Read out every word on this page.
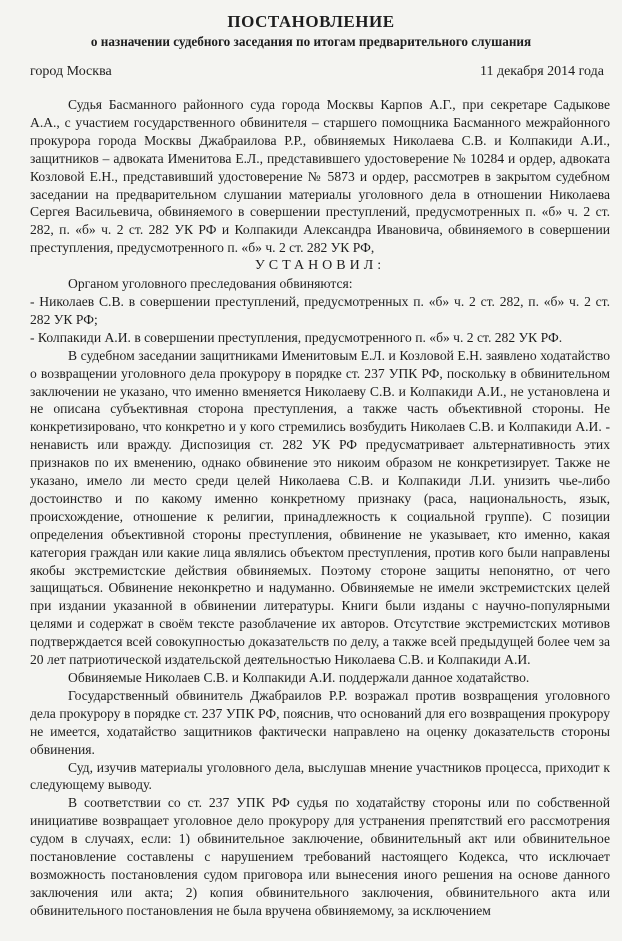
ПОСТАНОВЛЕНИЕ
о назначении судебного заседания по итогам предварительного слушания
город Москва	11 декабря 2014 года

Судья Басманного районного суда города Москвы Карпов А.Г., при секретаре Садыкове А.А., с участием государственного обвинителя – старшего помощника Басманного межрайонного прокурора города Москвы Джабраилова Р.Р., обвиняемых Николаева С.В. и Колпакиди А.И., защитников – адвоката Именитова Е.Л., представившего удостоверение № 10284 и ордер, адвоката Козловой Е.Н., представивший удостоверение № 5873 и ордер, рассмотрев в закрытом судебном заседании на предварительном слушании материалы уголовного дела в отношении Николаева Сергея Васильевича, обвиняемого в совершении преступлений, предусмотренных п. «б» ч. 2 ст. 282, п. «б» ч. 2 ст. 282 УК РФ и Колпакиди Александра Ивановича, обвиняемого в совершении преступления, предусмотренного п. «б» ч. 2 ст. 282 УК РФ,

УСТАНОВИЛ:

Органом уголовного преследования обвиняются:

- Николаев С.В. в совершении преступлений, предусмотренных п. «б» ч. 2 ст. 282, п. «б» ч. 2 ст. 282 УК РФ;

- Колпакиди А.И. в совершении преступления, предусмотренного п. «б» ч. 2 ст. 282 УК РФ.

В судебном заседании защитниками Именитовым Е.Л. и Козловой Е.Н. заявлено ходатайство о возвращении уголовного дела прокурору в порядке ст. 237 УПК РФ, поскольку в обвинительном заключении не указано, что именно вменяется Николаеву С.В. и Колпакиди А.И., не установлена и не описана субъективная сторона преступления, а также часть объективной стороны. Не конкретизировано, что конкретно и у кого стремились возбудить Николаев С.В. и Колпакиди А.И. - ненависть или вражду. Диспозиция ст. 282 УК РФ предусматривает альтернативность этих признаков по их вменению, однако обвинение это никоим образом не конкретизирует. Также не указано, имело ли место среди целей Николаева С.В. и Колпакиди Л.И. унизить чье-либо достоинство и по какому именно конкретному признаку (раса, национальность, язык, происхождение, отношение к религии, принадлежность к социальной группе). С позиции определения объективной стороны преступления, обвинение не указывает, кто именно, какая категория граждан или какие лица являлись объектом преступления, против кого были направлены якобы экстремистские действия обвиняемых. Поэтому стороне защиты непонятно, от чего защищаться. Обвинение неконкретно и надуманно. Обвиняемые не имели экстремистских целей при издании указанной в обвинении литературы. Книги были изданы с научно-популярными целями и содержат в своём тексте разоблачение их авторов. Отсутствие экстремистских мотивов подтверждается всей совокупностью доказательств по делу, а также всей предыдущей более чем за 20 лет патриотической издательской деятельностью Николаева С.В. и Колпакиди А.И.

Обвиняемые Николаев С.В. и Колпакиди А.И. поддержали данное ходатайство.

Государственный обвинитель Джабраилов Р.Р. возражал против возвращения уголовного дела прокурору в порядке ст. 237 УПК РФ, пояснив, что оснований для его возвращения прокурору не имеется, ходатайство защитников фактически направлено на оценку доказательств стороны обвинения.

Суд, изучив материалы уголовного дела, выслушав мнение участников процесса, приходит к следующему выводу.

В соответствии со ст. 237 УПК РФ судья по ходатайству стороны или по собственной инициативе возвращает уголовное дело прокурору для устранения препятствий его рассмотрения судом в случаях, если: 1) обвинительное заключение, обвинительный акт или обвинительное постановление составлены с нарушением требований настоящего Кодекса, что исключает возможность постановления судом приговора или вынесения иного решения на основе данного заключения или акта; 2) копия обвинительного заключения, обвинительного акта или обвинительного постановления не была вручена обвиняемому, за исключением
